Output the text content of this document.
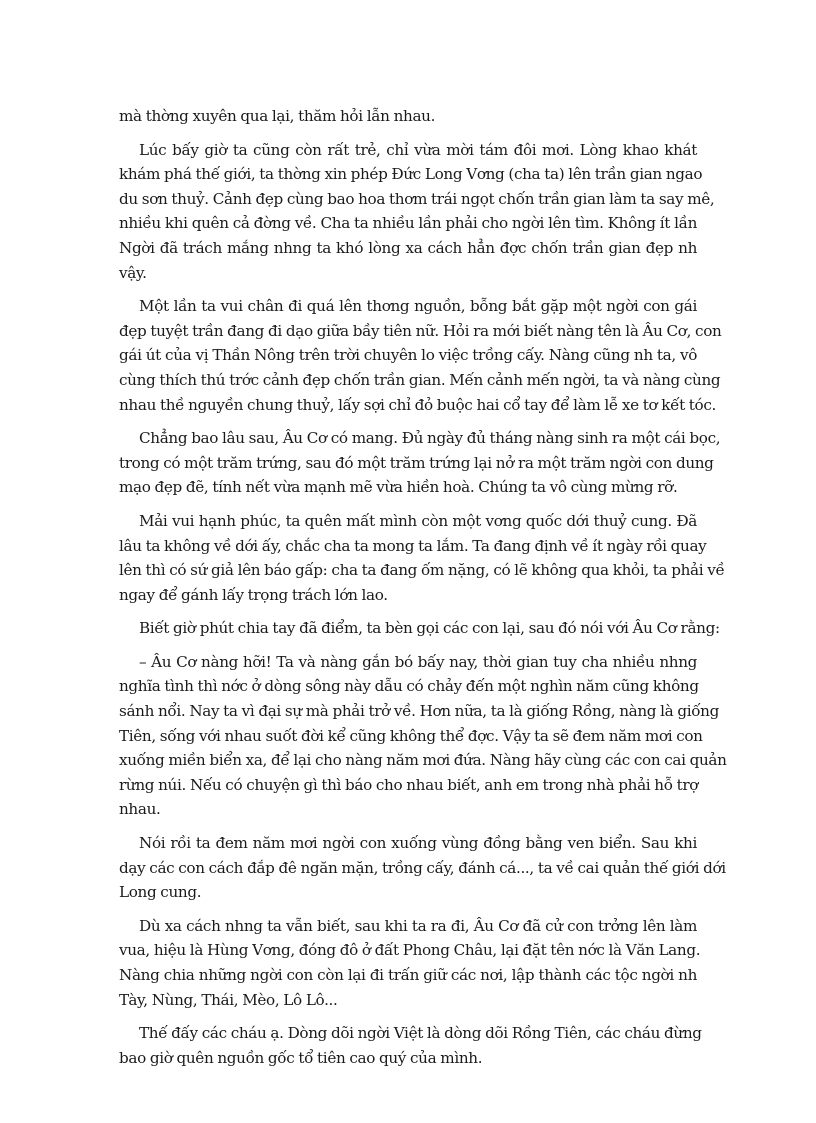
mà thờng xuyên qua lại, thăm hỏi lẫn nhau.
Lúc bấy giờ ta cũng còn rất trẻ, chỉ vừa mời tám đôi mơi. Lòng khao khát
khám phá thế giới, ta thờng xin phép Đức Long Vơng (cha ta) lên trần gian ngao
du sơn thuỷ. Cảnh đẹp cùng bao hoa thơm trái ngọt chốn trần gian làm ta say mê,
nhiều khi quên cả đờng về. Cha ta nhiều lần phải cho ngời lên tìm. Không ít lần
Ngời đã trách mắng nhng ta khó lòng xa cách hẳn đợc chốn trần gian đẹp nh
vậy.
Một lần ta vui chân đi quá lên thơng nguồn, bỗng bắt gặp một ngời con gái
đẹp tuyệt trần đang đi dạo giữa bầy tiên nữ. Hỏi ra mới biết nàng tên là Âu Cơ, con
gái út của vị Thần Nông trên trời chuyên lo việc trồng cấy. Nàng cũng nh ta, vô
cùng thích thú trớc cảnh đẹp chốn trần gian. Mến cảnh mến ngời, ta và nàng cùng
nhau thề nguyền chung thuỷ, lấy sợi chỉ đỏ buộc hai cổ tay để làm lễ xe tơ kết tóc.
Chẳng bao lâu sau, Âu Cơ có mang. Đủ ngày đủ tháng nàng sinh ra một cái bọc,
trong có một trăm trứng, sau đó một trăm trứng lại nở ra một trăm ngời con dung
mạo đẹp đẽ, tính nết vừa mạnh mẽ vừa hiền hoà. Chúng ta vô cùng mừng rỡ.
Mải vui hạnh phúc, ta quên mất mình còn một vơng quốc dới thuỷ cung. Đã
lâu ta không về dới ấy, chắc cha ta mong ta lắm. Ta đang định về ít ngày rồi quay
lên thì có sứ giả lên báo gấp: cha ta đang ốm nặng, có lẽ không qua khỏi, ta phải về
ngay để gánh lấy trọng trách lớn lao.
Biết giờ phút chia tay đã điểm, ta bèn gọi các con lại, sau đó nói với Âu Cơ rằng:
– Âu Cơ nàng hỡi! Ta và nàng gắn bó bấy nay, thời gian tuy cha nhiều nhng
nghĩa tình thì nớc ở dòng sông này dẫu có chảy đến một nghìn năm cũng không
sánh nổi. Nay ta vì đại sự mà phải trở về. Hơn nữa, ta là giống Rồng, nàng là giống
Tiên, sống với nhau suốt đời kể cũng không thể đợc. Vậy ta sẽ đem năm mơi con
xuống miền biển xa, để lại cho nàng năm mơi đứa. Nàng hãy cùng các con cai quản
rừng núi. Nếu có chuyện gì thì báo cho nhau biết, anh em trong nhà phải hỗ trợ
nhau.
Nói rồi ta đem năm mơi ngời con xuống vùng đồng bằng ven biển. Sau khi
dạy các con cách đắp đê ngăn mặn, trồng cấy, đánh cá..., ta về cai quản thế giới dới
Long cung.
Dù xa cách nhng ta vẫn biết, sau khi ta ra đi, Âu Cơ đã cử con trởng lên làm
vua, hiệu là Hùng Vơng, đóng đô ở đất Phong Châu, lại đặt tên nớc là Văn Lang.
Nàng chia những ngời con còn lại đi trấn giữ các nơi, lập thành các tộc ngời nh
Tày, Nùng, Thái, Mèo, Lô Lô...
Thế đấy các cháu ạ. Dòng dõi ngời Việt là dòng dõi Rồng Tiên, các cháu đừng
bao giờ quên nguồn gốc tổ tiên cao quý của mình.
